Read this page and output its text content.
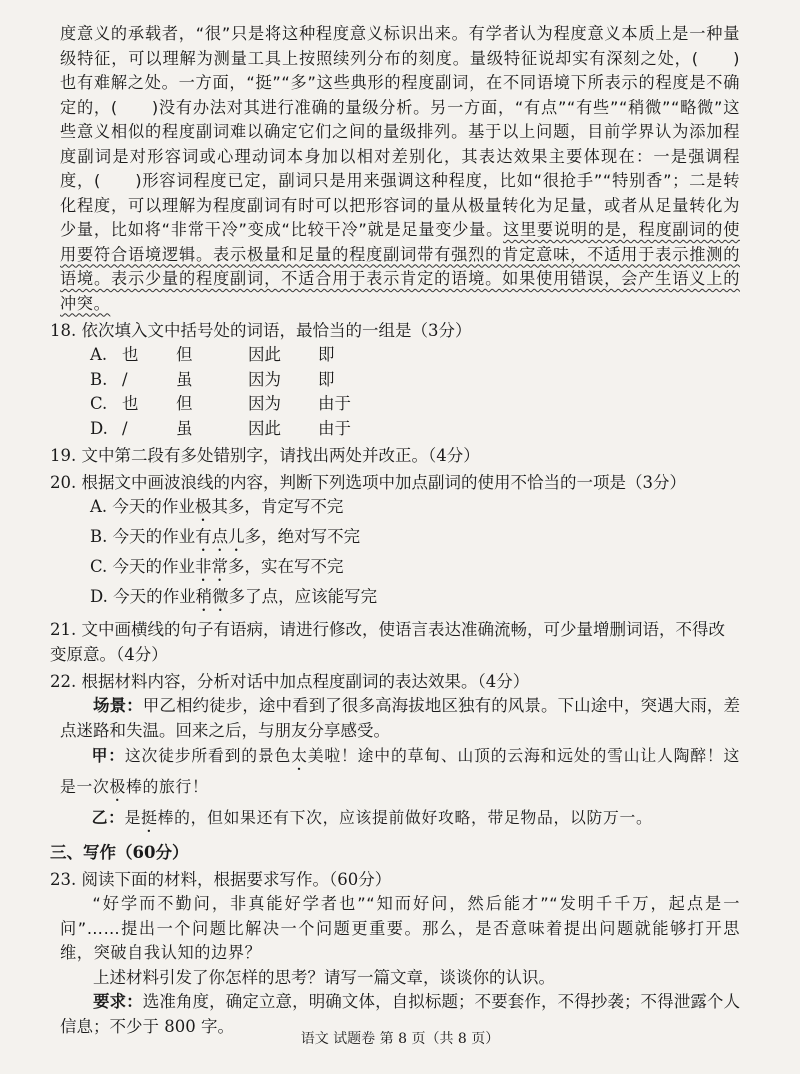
度意义的承载者，“很”只是将这种程度意义标识出来。有学者认为程度意义本质上是一种量级特征，可以理解为测量工具上按照续列分布的刻度。量级特征说却实有深刻之处，(　　)也有难解之处。一方面，“挺”“多”这些典形的程度副词，在不同语境下所表示的程度是不确定的，(　　)没有办法对其进行准确的量级分析。另一方面，“有点”“有些”“稍微”“略微”这些意义相似的程度副词难以确定它们之间的量级排列。基于以上问题，目前学界认为添加程度副词是对形容词或心理动词本身加以相对差别化，其表达效果主要体现在：一是强调程度，(　　)形容词程度已定，副词只是用来强调这种程度，比如“很抢手”“特别香”；二是转化程度，可以理解为程度副词有时可以把形容词的量从极量转化为足量，或者从足量转化为少量，比如将“非常干冷”变成“比较干冷”就是足量变少量。这里要说明的是，程度副词的使用要符合语境逻辑。表示极量和足量的程度副词带有强烈的肯定意味，不适用于表示推测的语境。表示少量的程度副词，不适合用于表示肯定的语境。如果使用错误，会产生语义上的冲突。

18. 依次填入文中括号处的词语，最恰当的一组是（3分）
A. 也	但	因此	即
B. /	虽	因为	即
C. 也	但	因为	由于
D. /	虽	因此	由于
19. 文中第二段有多处错别字，请找出两处并改正。（4分）
20. 根据文中画波浪线的内容，判断下列选项中加点副词的使用不恰当的一项是（3分）
A. 今天的作业极其多，肯定写不完
B. 今天的作业有点儿多，绝对写不完
C. 今天的作业非常多，实在写不完
D. 今天的作业稍微多了点，应该能写完
21. 文中画横线的句子有语病，请进行修改，使语言表达准确流畅，可少量增删词语，不得改变原意。（4分）
22. 根据材料内容，分析对话中加点程度副词的表达效果。（4分）

场景：甲乙相约徒步，途中看到了很多高海拔地区独有的风景。下山途中，突遇大雨，差点迷路和失温。回来之后，与朋友分享感受。

甲：这次徒步所看到的景色太美啦！途中的草甸、山顶的云海和远处的雪山让人陶醉！这是一次极棒的旅行！

乙：是挺棒的，但如果还有下次，应该提前做好攻略，带足物品，以防万一。

三、写作（60分）
23. 阅读下面的材料，根据要求写作。（60分）

“好学而不勤问，非真能好学者也”“知而好问，然后能才”“发明千千万，起点是一问”……提出一个问题比解决一个问题更重要。那么，是否意味着提出问题就能够打开思维，突破自我认知的边界？

上述材料引发了你怎样的思考？请写一篇文章，谈谈你的认识。

要求：选准角度，确定立意，明确文体，自拟标题；不要套作，不得抄袭；不得泄露个人信息；不少于 800 字。

语文 试题卷 第 8 页（共 8 页）
